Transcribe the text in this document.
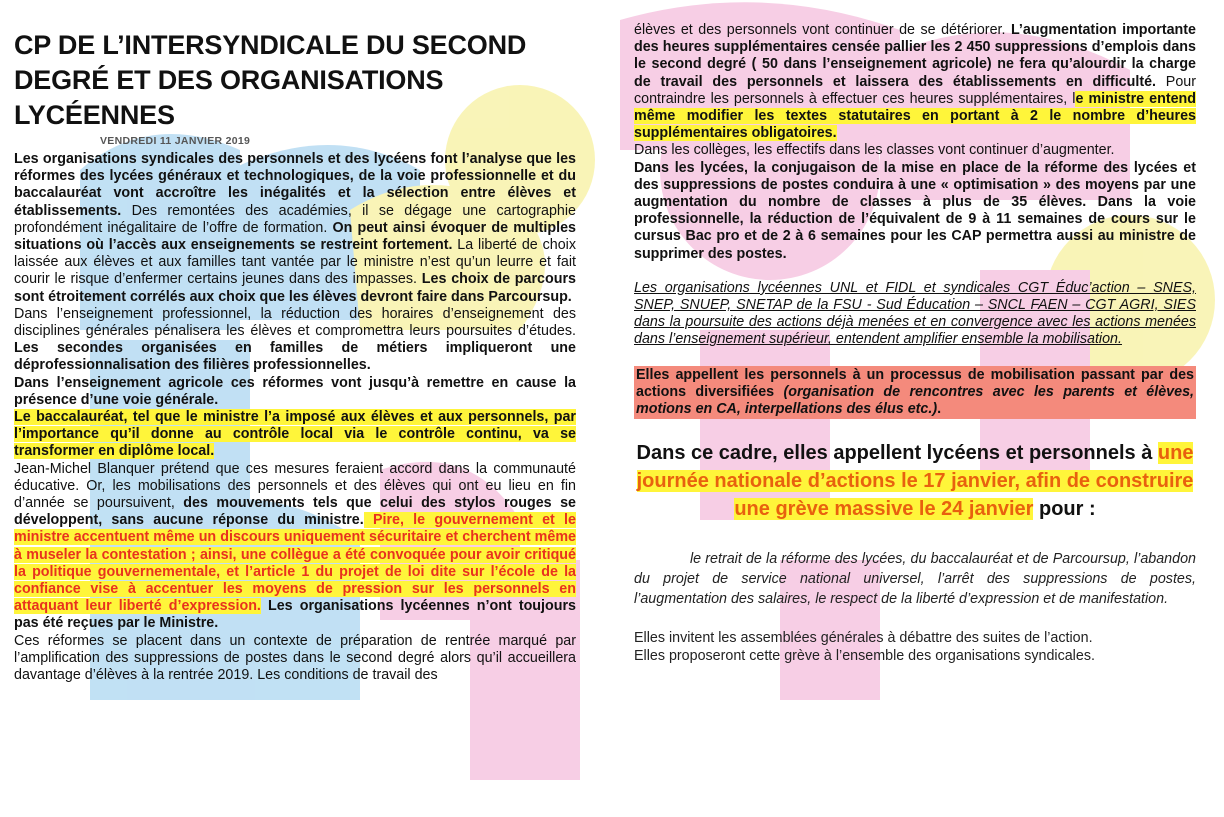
CP DE L’INTERSYNDICALE DU SECOND DEGRÉ ET DES ORGANISATIONS LYCÉENNES
VENDREDI 11 JANVIER 2019

Les organisations syndicales des personnels et des lycéens font l’analyse que les réformes des lycées généraux et technologiques, de la voie professionnelle et du baccalauréat vont accroître les inégalités et la sélection entre élèves et établissements. Des remontées des académies, il se dégage une cartographie profondément inégalitaire de l’offre de formation. On peut ainsi évoquer de multiples situations où l’accès aux enseignements se restreint fortement. La liberté de choix laissée aux élèves et aux familles tant vantée par le ministre n’est qu’un leurre et fait courir le risque d’enfermer certains jeunes dans des impasses. Les choix de parcours sont étroitement corrélés aux choix que les élèves devront faire dans Parcoursup.

Dans l’enseignement professionnel, la réduction des horaires d’enseignement des disciplines générales pénalisera les élèves et compromettra leurs poursuites d’études. Les secondes organisées en familles de métiers impliqueront une déprofessionnalisation des filières professionnelles.

Dans l’enseignement agricole ces réformes vont jusqu’à remettre en cause la présence d’une voie générale.

Le baccalauréat, tel que le ministre l’a imposé aux élèves et aux personnels, par l’importance qu’il donne au contrôle local via le contrôle continu, va se transformer en diplôme local.

Jean-Michel Blanquer prétend que ces mesures feraient accord dans la communauté éducative. Or, les mobilisations des personnels et des élèves qui ont eu lieu en fin d’année se poursuivent, des mouvements tels que celui des stylos rouges se développent, sans aucune réponse du ministre. Pire, le gouvernement et le ministre accentuent même un discours uniquement sécuritaire et cherchent même à museler la contestation ; ainsi, une collègue a été convoquée pour avoir critiqué la politique gouvernementale, et l’article 1 du projet de loi dite sur l’école de la confiance vise à accentuer les moyens de pression sur les personnels en attaquant leur liberté d’expression. Les organisations lycéennes n’ont toujours pas été reçues par le Ministre.

Ces réformes se placent dans un contexte de préparation de rentrée marqué par l’amplification des suppressions de postes dans le second degré alors qu’il accueillera davantage d’élèves à la rentrée 2019. Les conditions de travail des

élèves et des personnels vont continuer de se détériorer. L’augmentation importante des heures supplémentaires censée pallier les 2 450 suppressions d’emplois dans le second degré ( 50 dans l’enseignement agricole) ne fera qu’alourdir la charge de travail des personnels et laissera des établissements en difficulté. Pour contraindre les personnels à effectuer ces heures supplémentaires, le ministre entend même modifier les textes statutaires en portant à 2 le nombre d’heures supplémentaires obligatoires.

Dans les collèges, les effectifs dans les classes vont continuer d’augmenter.

Dans les lycées, la conjugaison de la mise en place de la réforme des lycées et des suppressions de postes conduira à une « optimisation » des moyens par une augmentation du nombre de classes à plus de 35 élèves. Dans la voie professionnelle, la réduction de l’équivalent de 9 à 11 semaines de cours sur le cursus Bac pro et de 2 à 6 semaines pour les CAP permettra aussi au ministre de supprimer des postes.

Les organisations lycéennes UNL et FIDL et syndicales CGT Éduc’action – SNES, SNEP, SNUEP, SNETAP de la FSU - Sud Éducation – SNCL FAEN – CGT AGRI, SIES dans la poursuite des actions déjà menées et en convergence avec les actions menées dans l’enseignement supérieur, entendent amplifier ensemble la mobilisation.

Elles appellent les personnels à un processus de mobilisation passant par des actions diversifiées (organisation de rencontres avec les parents et élèves, motions en CA, interpellations des élus etc.).

Dans ce cadre, elles appellent lycéens et personnels à une journée nationale d’actions le 17 janvier, afin de construire une grève massive le 24 janvier pour :

le retrait de la réforme des lycées, du baccalauréat et de Parcoursup, l’abandon du projet de service national universel, l’arrêt des suppressions de postes, l’augmentation des salaires, le respect de la liberté d’expression et de manifestation.

Elles invitent les assemblées générales à débattre des suites de l’action.

Elles proposeront cette grève à l’ensemble des organisations syndicales.
